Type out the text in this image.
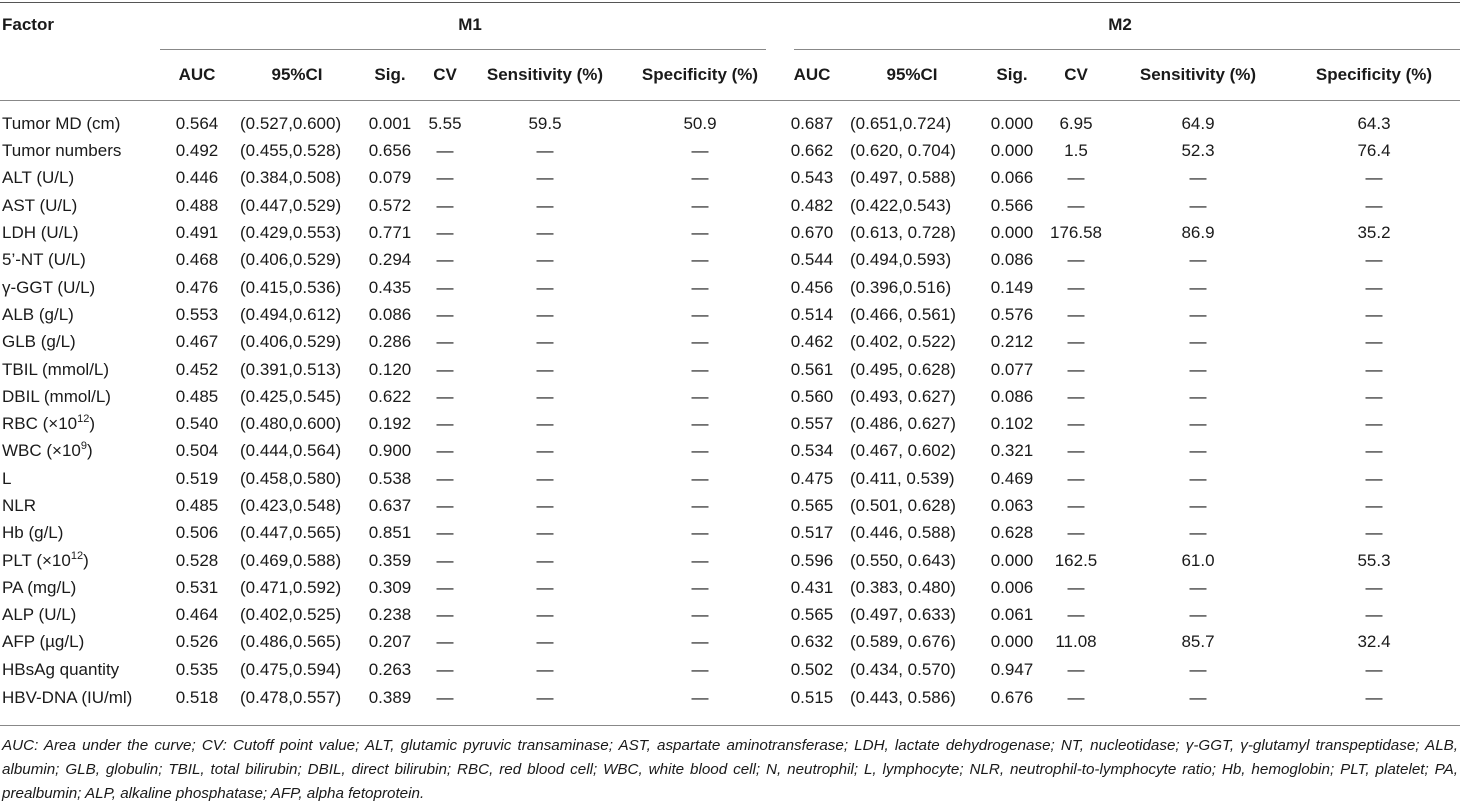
Factor	M1						M2					
	AUC	95%CI	Sig.	CV	Sensitivity (%)	Specificity (%)	AUC	95%CI	Sig.	CV	Sensitivity (%)	Specificity (%)
Tumor MD (cm)	0.564	(0.527,0.600)	0.001	5.55	59.5	50.9	0.687	(0.651,0.724)	0.000	6.95	64.9	64.3
Tumor numbers	0.492	(0.455,0.528)	0.656	—	—	—	0.662	(0.620, 0.704)	0.000	1.5	52.3	76.4
ALT (U/L)	0.446	(0.384,0.508)	0.079	—	—	—	0.543	(0.497, 0.588)	0.066	—	—	—
AST (U/L)	0.488	(0.447,0.529)	0.572	—	—	—	0.482	(0.422,0.543)	0.566	—	—	—
LDH (U/L)	0.491	(0.429,0.553)	0.771	—	—	—	0.670	(0.613, 0.728)	0.000	176.58	86.9	35.2
5’-NT (U/L)	0.468	(0.406,0.529)	0.294	—	—	—	0.544	(0.494,0.593)	0.086	—	—	—
γ-GGT (U/L)	0.476	(0.415,0.536)	0.435	—	—	—	0.456	(0.396,0.516)	0.149	—	—	—
ALB (g/L)	0.553	(0.494,0.612)	0.086	—	—	—	0.514	(0.466, 0.561)	0.576	—	—	—
GLB (g/L)	0.467	(0.406,0.529)	0.286	—	—	—	0.462	(0.402, 0.522)	0.212	—	—	—
TBIL (mmol/L)	0.452	(0.391,0.513)	0.120	—	—	—	0.561	(0.495, 0.628)	0.077	—	—	—
DBIL (mmol/L)	0.485	(0.425,0.545)	0.622	—	—	—	0.560	(0.493, 0.627)	0.086	—	—	—
RBC $(\times 10^{12})$	0.540	(0.480,0.600)	0.192	—	—	—	0.557	(0.486, 0.627)	0.102	—	—	—
WBC $(\times 10^9)$	0.504	(0.444,0.564)	0.900	—	—	—	0.534	(0.467, 0.602)	0.321	—	—	—
L	0.519	(0.458,0.580)	0.538	—	—	—	0.475	(0.411, 0.539)	0.469	—	—	—
NLR	0.485	(0.423,0.548)	0.637	—	—	—	0.565	(0.501, 0.628)	0.063	—	—	—
Hb (g/L)	0.506	(0.447,0.565)	0.851	—	—	—	0.517	(0.446, 0.588)	0.628	—	—	—
PLT $(\times 10^{12})$	0.528	(0.469,0.588)	0.359	—	—	—	0.596	(0.550, 0.643)	0.000	162.5	61.0	55.3
PA (mg/L)	0.531	(0.471,0.592)	0.309	—	—	—	0.431	(0.383, 0.480)	0.006	—	—	—
ALP (U/L)	0.464	(0.402,0.525)	0.238	—	—	—	0.565	(0.497, 0.633)	0.061	—	—	—
AFP (µg/L)	0.526	(0.486,0.565)	0.207	—	—	—	0.632	(0.589, 0.676)	0.000	11.08	85.7	32.4
HBsAg quantity	0.535	(0.475,0.594)	0.263	—	—	—	0.502	(0.434, 0.570)	0.947	—	—	—
HBV-DNA (IU/ml)	0.518	(0.478,0.557)	0.389	—	—	—	0.515	(0.443, 0.586)	0.676	—	—	—
AUC: Area under the curve; CV: Cutoff point value; ALT, glutamic pyruvic transaminase; AST, aspartate aminotransferase; LDH, lactate dehydrogenase; NT, nucleotidase; γ-GGT, γ-glutamyl transpeptidase; ALB, albumin; GLB, globulin; TBIL, total bilirubin; DBIL, direct bilirubin; RBC, red blood cell; WBC, white blood cell; N, neutrophil; L, lymphocyte; NLR, neutrophil-to-lymphocyte ratio; Hb, hemoglobin; PLT, platelet; PA, prealbumin; ALP, alkaline phosphatase; AFP, alpha fetoprotein.
